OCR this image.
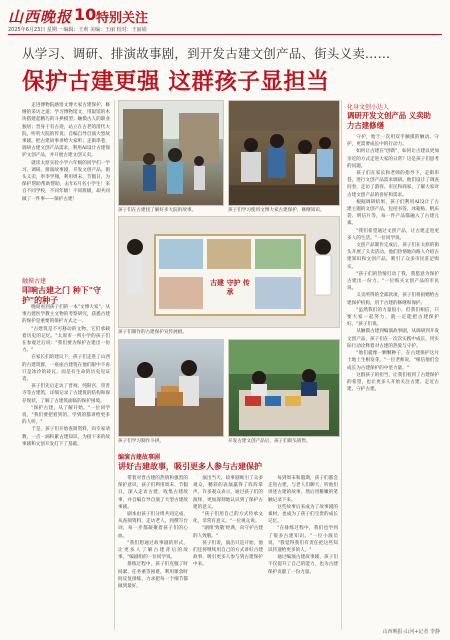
山西晚报 10 特别关注
2025年6月23日 星期一 编辑：王莉 美编：王丽 校对：王丽娟
从学习、调研、排演故事剧，到开发古建文创产品、街头义卖……
保护古建更强 这群孩子显担当

走进博物院感悟文博大家古建保护、修缮的采访之道；学习博物馆文，用取馆的木块搭建起精巧的斗拱模型；触摸古人的职业独居；晋身干有古迹，站立在古老的清代大院，听听大院的传说；自编自导自演大型故事剧，把古建故事讲给大家听；走街串巷，调研古建文创产品需求，利用AI设计古建保护文创产品，并开展古建文创义卖。

就读太原实验小学六年级的同学们一学习、调研、排演故事剧，开发文创产品、街头义卖，奉李学翔，利用周末、节假日，为保护帮助帮助帮助，去年6月名小学生！来自不同学校，不同年级！不同班级，却共同做了一件事——保护古建！

触摸古建
叩响古建之门 种下"守护"的种子

晚间看到孩子们的一本"文博大家"，从事古建医学教主文物的考察研究，获悉古建的保护是重要的保护方式之一。

"古建筑是不可移动的文物，它们承载着历史的记忆。"太原市一所小学的孩子们在参观过后说："我们要为保护古建出一份力。"

在家长们的建议下，孩子们走进了山西的古建筑群，一座座古建筑在他们眼中不再只是冰冷的砖瓦，而是有生命的历史见证者。

孩子们先后走访了晋祠、纯阳宫、崇善寺等古建筑，详细记录了古建筑的结构和保存现状，了解了古建筑面临的保护困境。

"保护古建，从了解开始。"一位同学说，"我们要把看到的、学到的都讲给更多的人听。"

于是，孩子们开始查阅资料，向专家请教，一点一滴积累古建知识，为接下来的故事剧和文创开发打下了基础。

孩子们在古建找了解好多大院的故事。	孩子们学习使用文博大家古建保护，修缮知识。
古建 守护 传承
孩子们制作的古建保护宣传展板。
孩子们学习制作斗拱。	开发古建文创产品后，孩子们街头销售。
编演古建故事剧
讲好古建故事，吸引更多人参与古建保护

带着对晋古建的热情和强烈的保护意识，孩子们利用周末、节假日，深入走访古建，收集古建故事，并自编自导自演了大型古建故事剧。

剧本由孩子们分组共同完成，从查阅资料、走访老人，到撰写台词，每一步都凝聚着孩子们的心血。

"我们想通过故事剧的形式，让更多人了解古建背后的故事。"编剧组的一位同学说。

排练过程中，孩子们克服了时间紧、任务重等困难，利用课余时间反复排练，力求把每一个细节都做到最好。

演出当天，故事剧吸引了众多观众，精彩的表演赢得了阵阵掌声。许多观众表示，通过孩子们的演绎，更加深刻地认识到了保护古建的意义。

"孩子们用自己的方式传承文化，非常有意义。"一位观众说。

"剧组'致敬'经典，向守护古建的人致敬。"

孩子们说，演出只是开始，他们还将继续用自己的方式讲好古建故事，吸引更多人参与到古建保护中来。

每到周末和假期，孩子们都会走进古建，与老人们聊天，听他们讲述古建的故事，然后用稚嫩的笔触记录下来。

这些故事后来成为了故事剧的素材，也成为了孩子们宝贵的成长记忆。

"在排练过程中，我们也学到了很多古建知识。"一位小演员说，"我觉得我们有责任把这些知识传递给更多的人。"

通过编演古建故事剧，孩子们不仅提升了自己的能力，也为古建保护贡献了一份力量。

化身文创小达人
调研开发文创产品 义卖助力古建修缮

守护，始于一次用双手触摸的触动。守护，更需要成长中的行动力。

如何让古建在"创新"，如何让古建以更加亲近的方式走进大家的日常？这是孩子们思考的问题。

孩子们在家长和老师的指导下，走街串巷，进行文创产品需求调研。他们设计了调查问卷，走访了游客、市民和商家，了解大家对古建文创产品的喜好和需求。

根据调研结果，孩子们利用AI设计了古建主题的文创产品，包括书签、冰箱贴、帆布袋、明信片等，每一件产品都融入了古建元素。

"我们希望通过文创产品，让古建走进更多人的生活。"一位同学说。

文创产品制作完成后，孩子们在太原的街头开展了义卖活动。他们热情地向路人介绍古建知识和文创产品，吸引了众多市民驻足购买。

"孩子们的热情打动了我，我愿意为保护古建出一份力。"一位购买文创产品的市民说。

义卖所得的全部款项，孩子们将捐赠给古建保护机构，用于古建的修缮和保护。

"虽然我们的力量很小，但我们相信，只要大家一起努力，就一定能把古建保护好。"孩子们说。

从触摸古建到编演故事剧，从调研到开发文创产品，孩子们在一次次实践中成长，用实际行动诠释着对古建的热爱与守护。

"他们就像一颗颗种子，在古建保护这片土地上生根发芽。"一位老师说，"相信他们会成长为古建保护的中坚力量。"

这群孩子的担当，让我们看到了古建保护的希望，也让更多人开始关注古建、走近古建、守护古建。

山西晚报·山河+记者 李静
